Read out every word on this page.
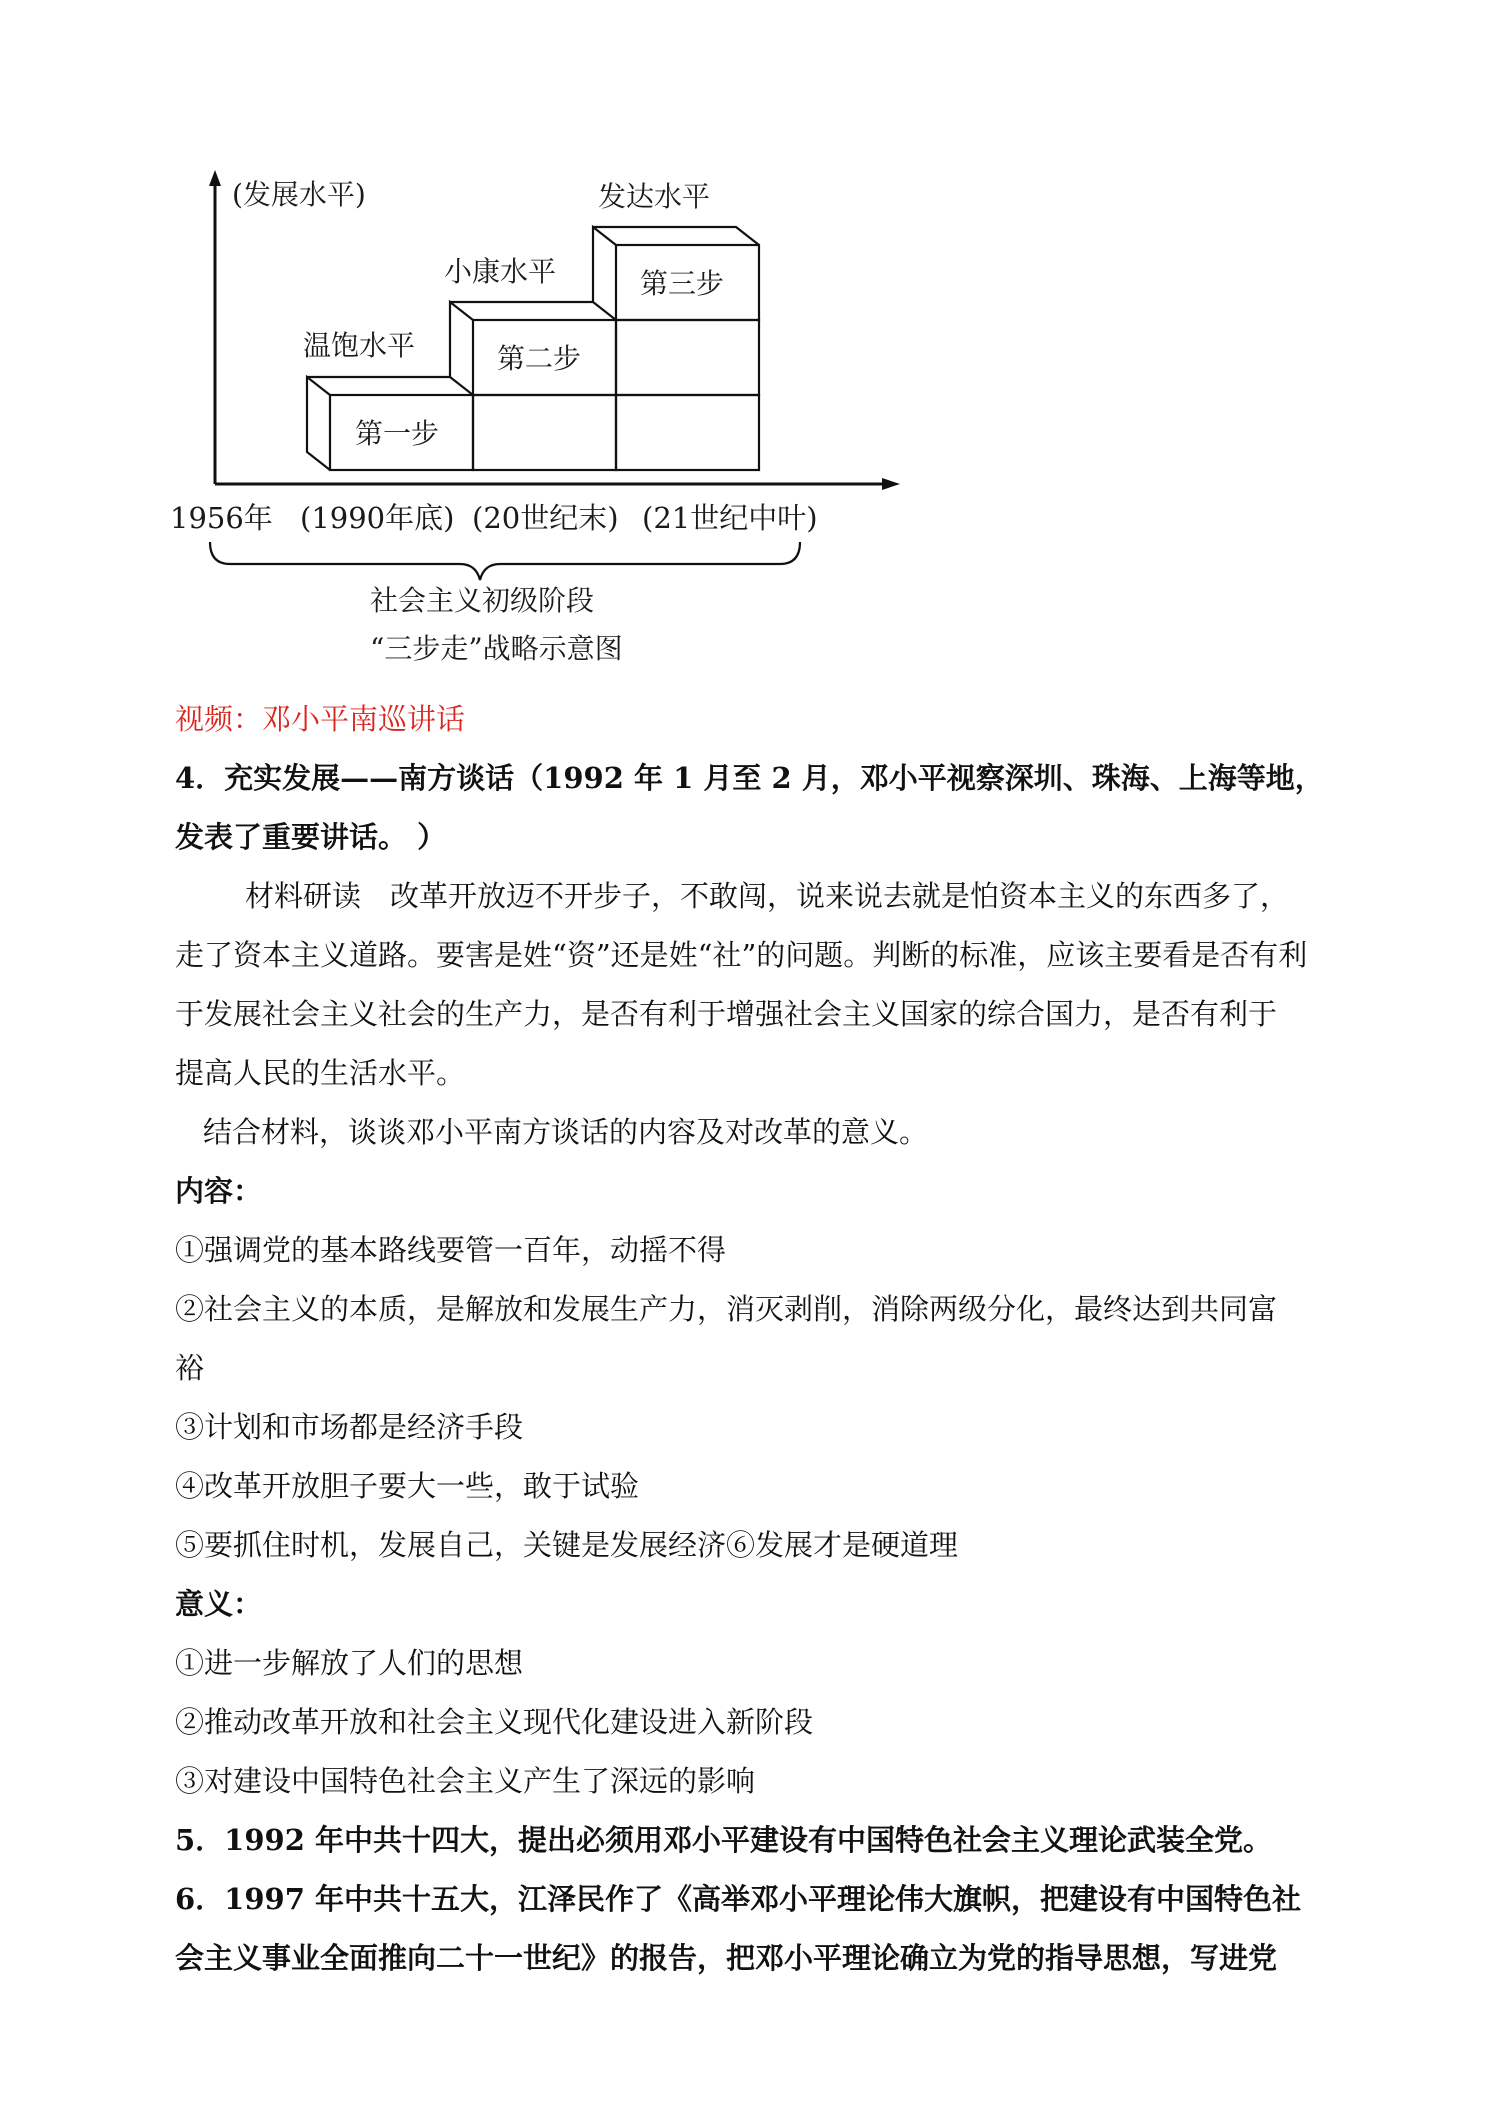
(发展水平)
温饱水平
小康水平
发达水平
第一步
第二步
第三步
1956年 (1990年底) (20世纪末) (21世纪中叶)
社会主义初级阶段
“三步走”战略示意图
视频：邓小平南巡讲话
4．充实发展——南方谈话（1992 年 1 月至 2 月，邓小平视察深圳、珠海、上海等地，
发表了重要讲话。 ）
材料研读　改革开放迈不开步子，不敢闯，说来说去就是怕资本主义的东西多了，
走了资本主义道路。要害是姓“资”还是姓“社”的问题。判断的标准，应该主要看是否有利
于发展社会主义社会的生产力，是否有利于增强社会主义国家的综合国力，是否有利于
提高人民的生活水平。
结合材料，谈谈邓小平南方谈话的内容及对改革的意义。
内容：
①强调党的基本路线要管一百年，动摇不得
②社会主义的本质，是解放和发展生产力，消灭剥削，消除两级分化，最终达到共同富
裕
③计划和市场都是经济手段
④改革开放胆子要大一些，敢于试验
⑤要抓住时机，发展自己，关键是发展经济⑥发展才是硬道理
意义：
①进一步解放了人们的思想
②推动改革开放和社会主义现代化建设进入新阶段
③对建设中国特色社会主义产生了深远的影响
5．1992 年中共十四大，提出必须用邓小平建设有中国特色社会主义理论武装全党。
6．1997 年中共十五大，江泽民作了《高举邓小平理论伟大旗帜，把建设有中国特色社
会主义事业全面推向二十一世纪》的报告，把邓小平理论确立为党的指导思想，写进党
